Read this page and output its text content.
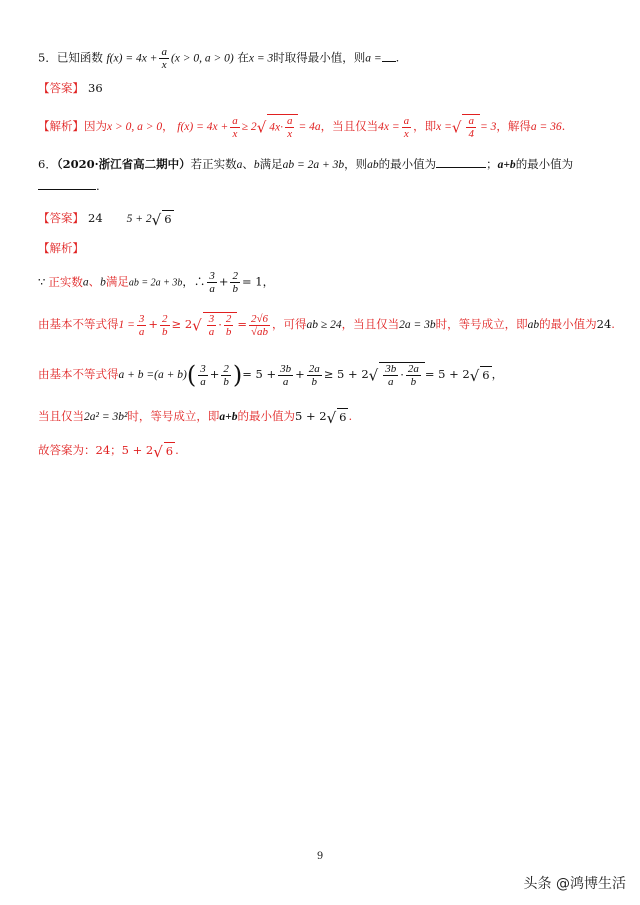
5．已知函数 $f(x) = 4x + \frac{a}{x} (x > 0$, a > 0) 在x = 3时取得最小值，则a = .
【答案】 36
【解析】因为x > 0, a > 0， $f(x) = 4x + \frac{a}{x} \ge 2√$ $4x\cdot \frac{a}{x} = 4a$，当且仅当$4x = \frac{a}{x}$ ，即x =√ $\frac{a}{4} = 3$，解得a = 36.
6．（2020·浙江省高二期中）若正实数a、b满足ab = 2a + 3b，则ab的最小值为	；a+b的最小值为
.
【答案】 24 5 + 2√ 6
【解析】
∵ 正实数a、b满足ab = 2a + 3b，∴ $\frac{3}{a} + \frac{2}{b} = 1$，
由基本不等式得$1 = \frac{3}{a} + \frac{2}{b} \ge 2√ \frac{3}{a} \cdot \frac{2}{b} = \frac{2√6}{√ab}$ ，可得ab ≥ 24，当且仅当2a = 3b时，等号成立，即ab的最小值为24.
由基本不等式得$a + b =(a + b)( \frac{3}{a} + \frac{2}{b}$ )= $5 + \frac{3b}{a} + \frac{2a}{b} \ge 5 + 2√ \frac{3b}{a} \cdot \frac{2a}{b} = 5 + 2√$ 6 ，
当且仅当2a² = 3b²时，等号成立，即a+b的最小值为5 + 2√ 6 .
故答案为：24；5 + 2√ 6 .
9
头条 @鸿博生活
